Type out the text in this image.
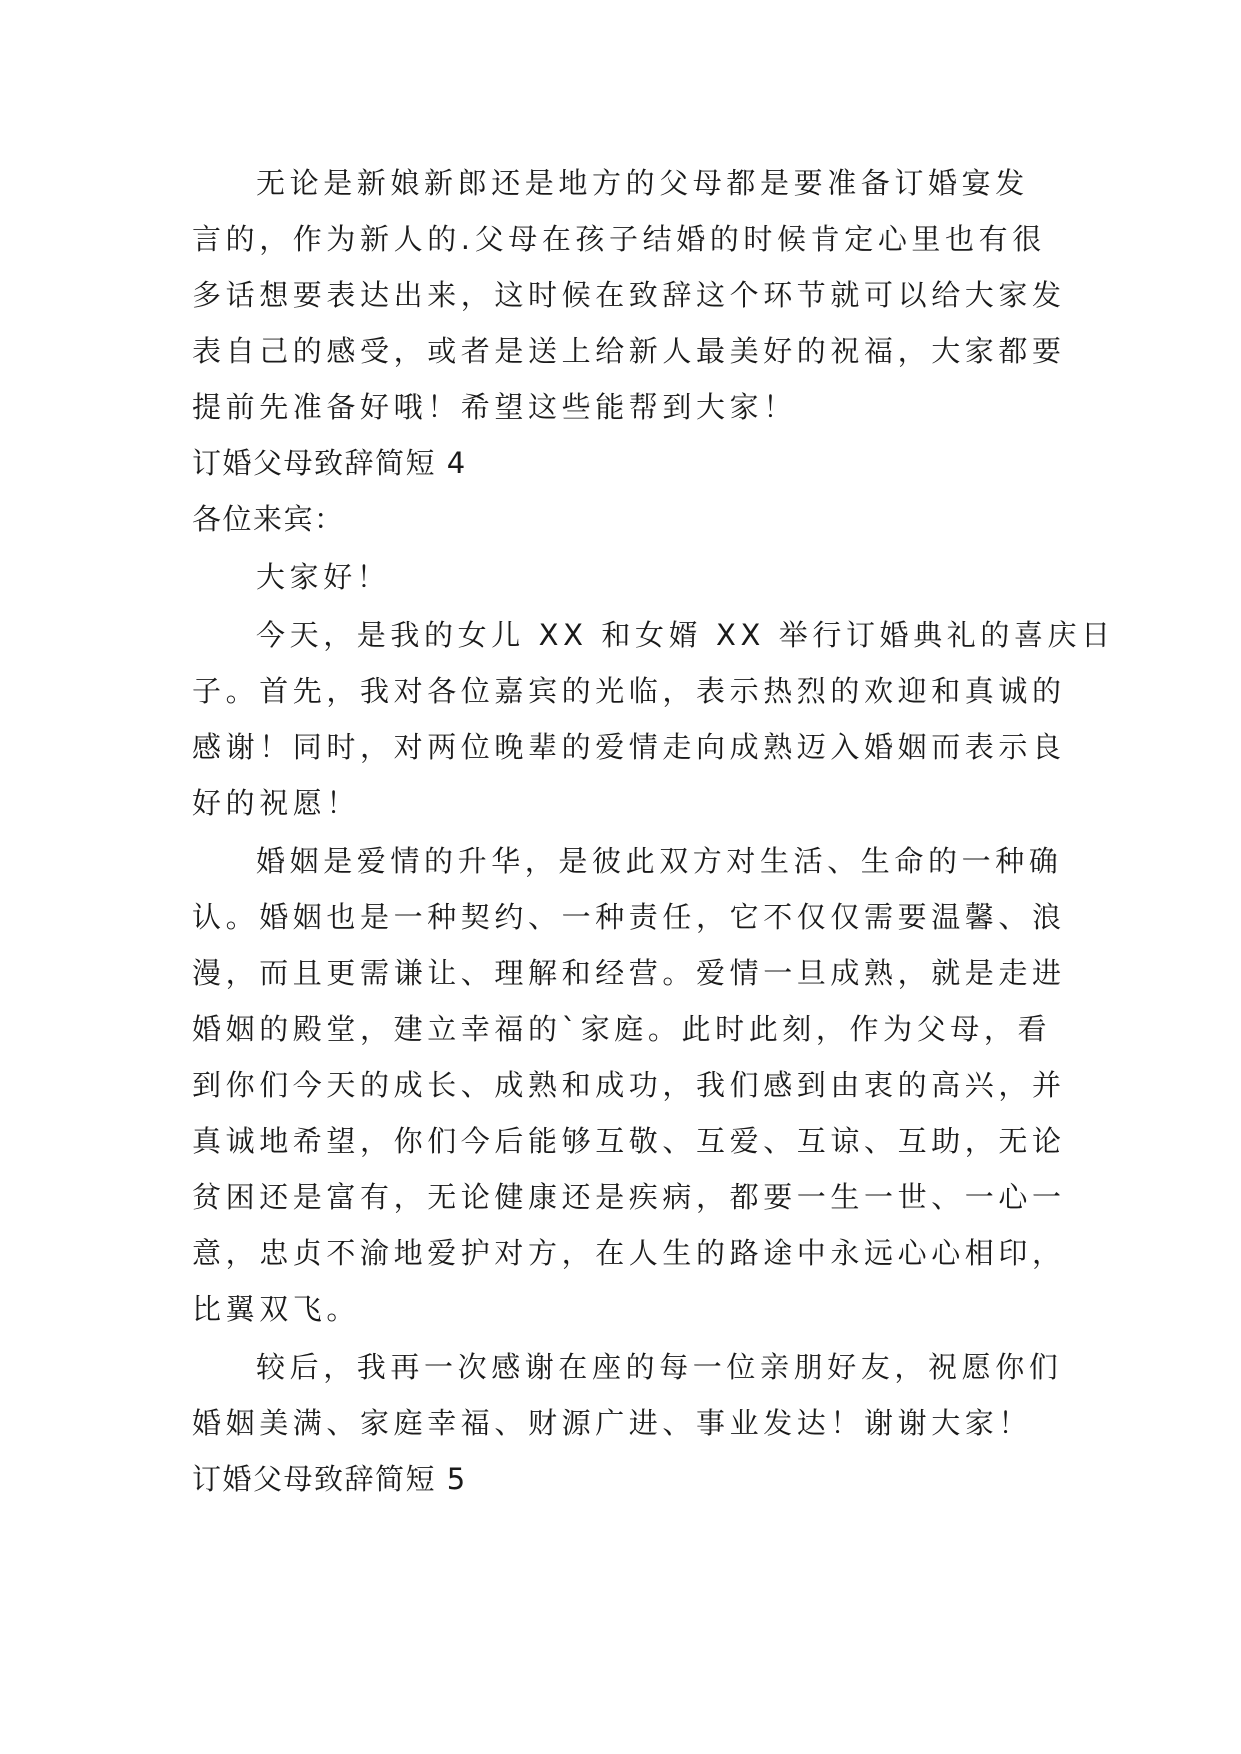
无论是新娘新郎还是地方的父母都是要准备订婚宴发
言的，作为新人的.父母在孩子结婚的时候肯定心里也有很
多话想要表达出来，这时候在致辞这个环节就可以给大家发
表自己的感受，或者是送上给新人最美好的祝福，大家都要
提前先准备好哦！希望这些能帮到大家！
订婚父母致辞简短 4
各位来宾：
大家好！
今天，是我的女儿 XX 和女婿 XX 举行订婚典礼的喜庆日
子。首先，我对各位嘉宾的光临，表示热烈的欢迎和真诚的
感谢！同时，对两位晚辈的爱情走向成熟迈入婚姻而表示良
好的祝愿！
婚姻是爱情的升华，是彼此双方对生活、生命的一种确
认。婚姻也是一种契约、一种责任，它不仅仅需要温馨、浪
漫，而且更需谦让、理解和经营。爱情一旦成熟，就是走进
婚姻的殿堂，建立幸福的`家庭。此时此刻，作为父母，看
到你们今天的成长、成熟和成功，我们感到由衷的高兴，并
真诚地希望，你们今后能够互敬、互爱、互谅、互助，无论
贫困还是富有，无论健康还是疾病，都要一生一世、一心一
意，忠贞不渝地爱护对方，在人生的路途中永远心心相印，
比翼双飞。
较后，我再一次感谢在座的每一位亲朋好友，祝愿你们
婚姻美满、家庭幸福、财源广进、事业发达！谢谢大家！
订婚父母致辞简短 5
